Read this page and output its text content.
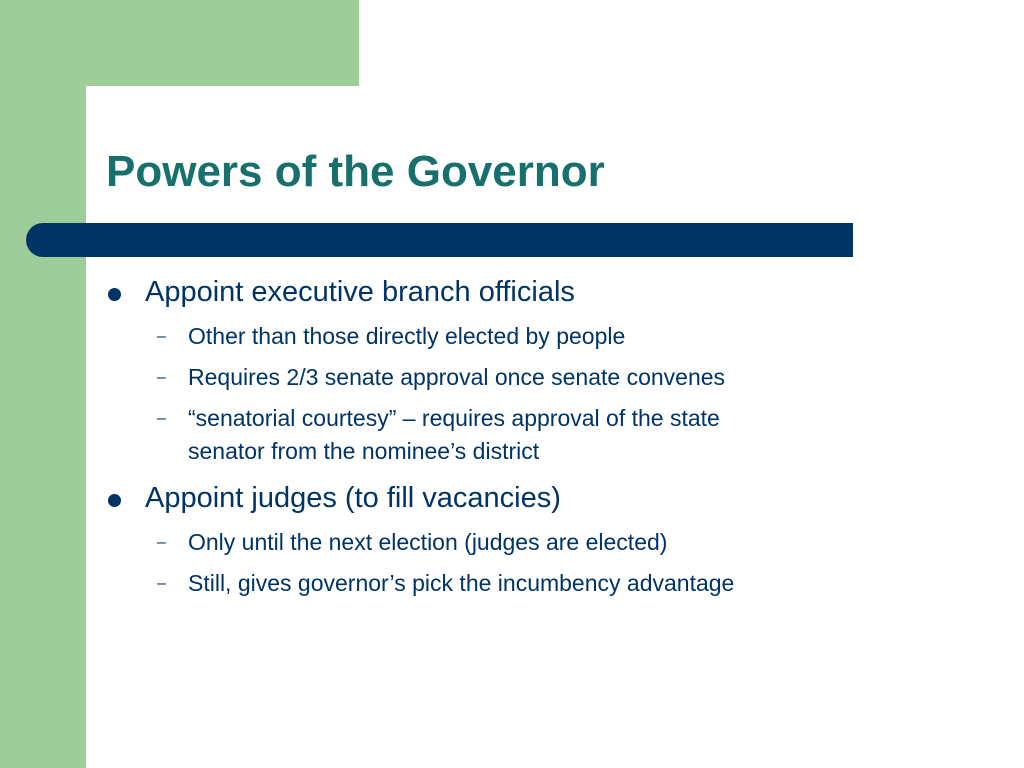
Powers of the Governor
Appoint executive branch officials
– Other than those directly elected by people
– Requires 2/3 senate approval once senate convenes
– “senatorial courtesy” – requires approval of the state
senator from the nominee’s district
Appoint judges (to fill vacancies)
– Only until the next election (judges are elected)
– Still, gives governor’s pick the incumbency advantage
